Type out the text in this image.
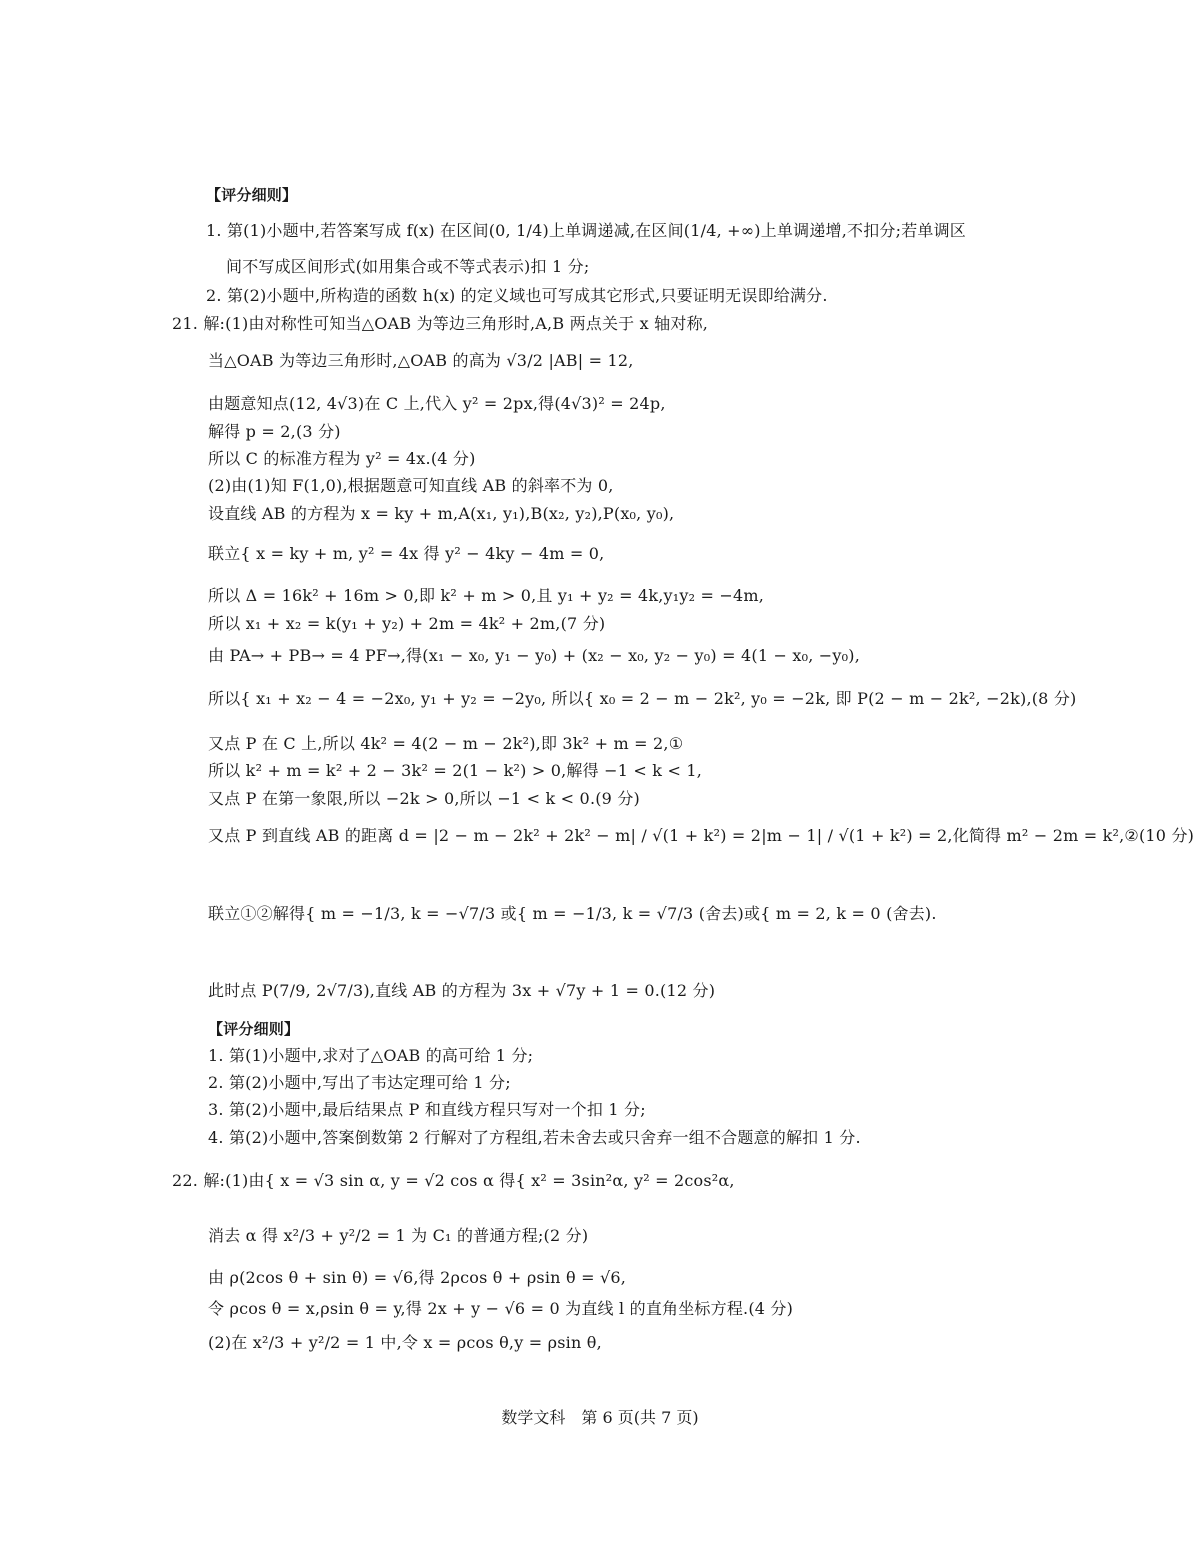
【评分细则】
1. 第(1)小题中,若答案写成 f(x) 在区间(0, 1/4)上单调递减,在区间(1/4, +∞)上单调递增,不扣分;若单调区
间不写成区间形式(如用集合或不等式表示)扣 1 分;
2. 第(2)小题中,所构造的函数 h(x) 的定义域也可写成其它形式,只要证明无误即给满分.
21. 解:(1)由对称性可知当△OAB 为等边三角形时,A,B 两点关于 x 轴对称,
当△OAB 为等边三角形时,△OAB 的高为 √3/2 |AB| = 12,
由题意知点(12, 4√3)在 C 上,代入 y² = 2px,得(4√3)² = 24p,
解得 p = 2,(3 分)
所以 C 的标准方程为 y² = 4x.(4 分)
(2)由(1)知 F(1,0),根据题意可知直线 AB 的斜率不为 0,
设直线 AB 的方程为 x = ky + m,A(x₁, y₁),B(x₂, y₂),P(x₀, y₀),
联立{ x = ky + m, y² = 4x 得 y² − 4ky − 4m = 0,
所以 Δ = 16k² + 16m > 0,即 k² + m > 0,且 y₁ + y₂ = 4k,y₁y₂ = −4m,
所以 x₁ + x₂ = k(y₁ + y₂) + 2m = 4k² + 2m,(7 分)
由 PA→ + PB→ = 4 PF→,得(x₁ − x₀, y₁ − y₀) + (x₂ − x₀, y₂ − y₀) = 4(1 − x₀, −y₀),
所以{ x₁ + x₂ − 4 = −2x₀, y₁ + y₂ = −2y₀, 所以{ x₀ = 2 − m − 2k², y₀ = −2k, 即 P(2 − m − 2k², −2k),(8 分)
又点 P 在 C 上,所以 4k² = 4(2 − m − 2k²),即 3k² + m = 2,①
所以 k² + m = k² + 2 − 3k² = 2(1 − k²) > 0,解得 −1 < k < 1,
又点 P 在第一象限,所以 −2k > 0,所以 −1 < k < 0.(9 分)
又点 P 到直线 AB 的距离 d = |2 − m − 2k² + 2k² − m| / √(1 + k²) = 2|m − 1| / √(1 + k²) = 2,化简得 m² − 2m = k²,②(10 分)
联立①②解得{ m = −1/3, k = −√7/3 或{ m = −1/3, k = √7/3 (舍去)或{ m = 2, k = 0 (舍去).
此时点 P(7/9, 2√7/3),直线 AB 的方程为 3x + √7y + 1 = 0.(12 分)
【评分细则】
1. 第(1)小题中,求对了△OAB 的高可给 1 分;
2. 第(2)小题中,写出了韦达定理可给 1 分;
3. 第(2)小题中,最后结果点 P 和直线方程只写对一个扣 1 分;
4. 第(2)小题中,答案倒数第 2 行解对了方程组,若未舍去或只舍弃一组不合题意的解扣 1 分.
22. 解:(1)由{ x = √3 sin α, y = √2 cos α 得{ x² = 3sin²α, y² = 2cos²α,
消去 α 得 x²/3 + y²/2 = 1 为 C₁ 的普通方程;(2 分)
由 ρ(2cos θ + sin θ) = √6,得 2ρcos θ + ρsin θ = √6,
令 ρcos θ = x,ρsin θ = y,得 2x + y − √6 = 0 为直线 l 的直角坐标方程.(4 分)
(2)在 x²/3 + y²/2 = 1 中,令 x = ρcos θ,y = ρsin θ,
数学文科　第 6 页(共 7 页)
